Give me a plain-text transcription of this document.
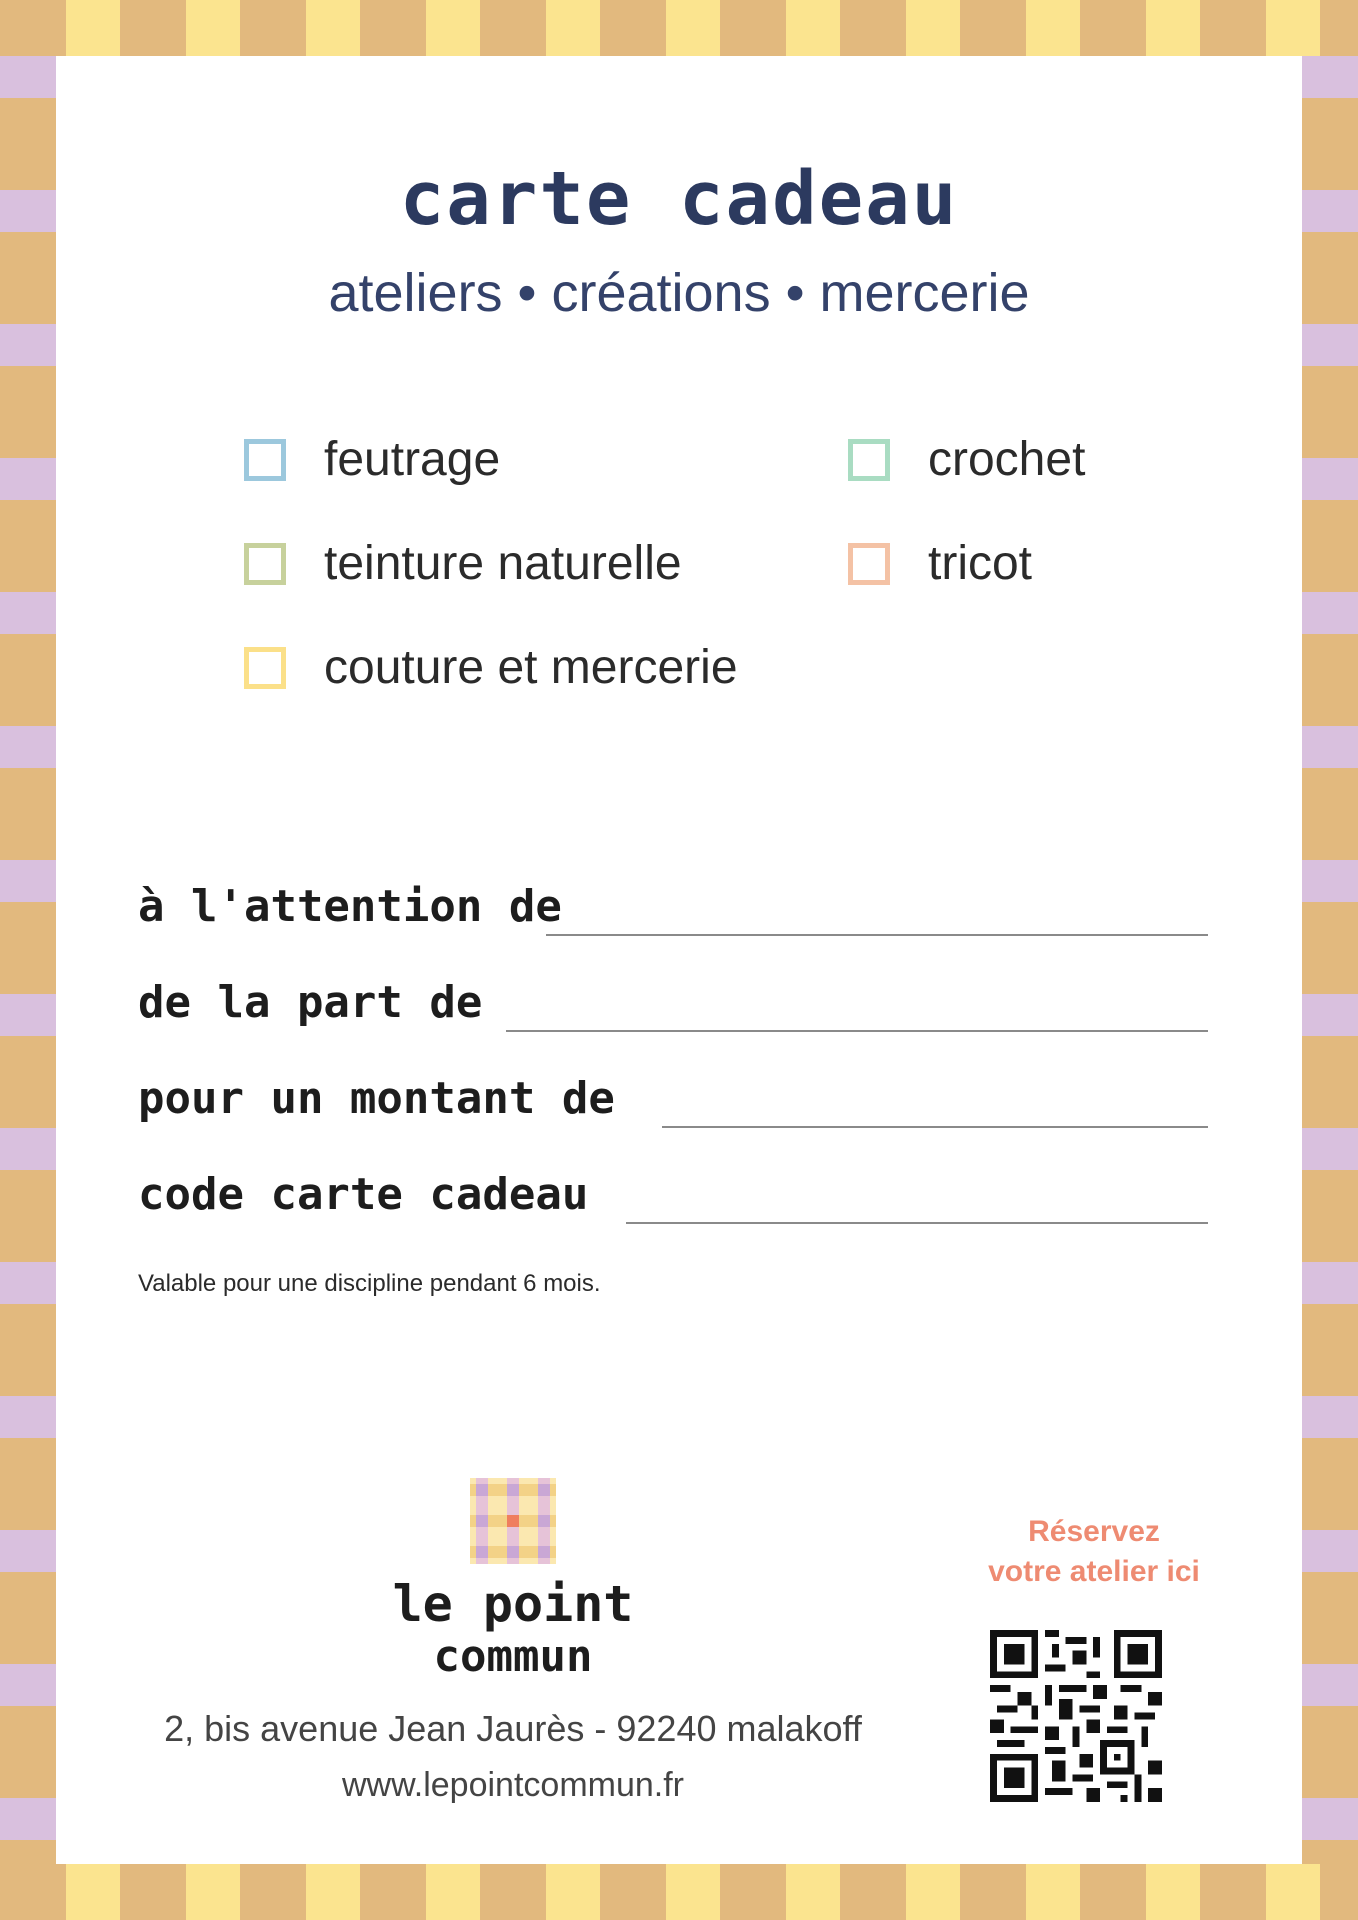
carte cadeau
ateliers • créations • mercerie
feutrage
teinture naturelle
couture et mercerie
crochet
tricot
à l'attention de
de la part de
pour un montant de
code carte cadeau
Valable pour une discipline pendant 6 mois.
le point
commun
2, bis avenue Jean Jaurès - 92240 malakoff
www.lepointcommun.fr
Réservez
votre atelier ici
